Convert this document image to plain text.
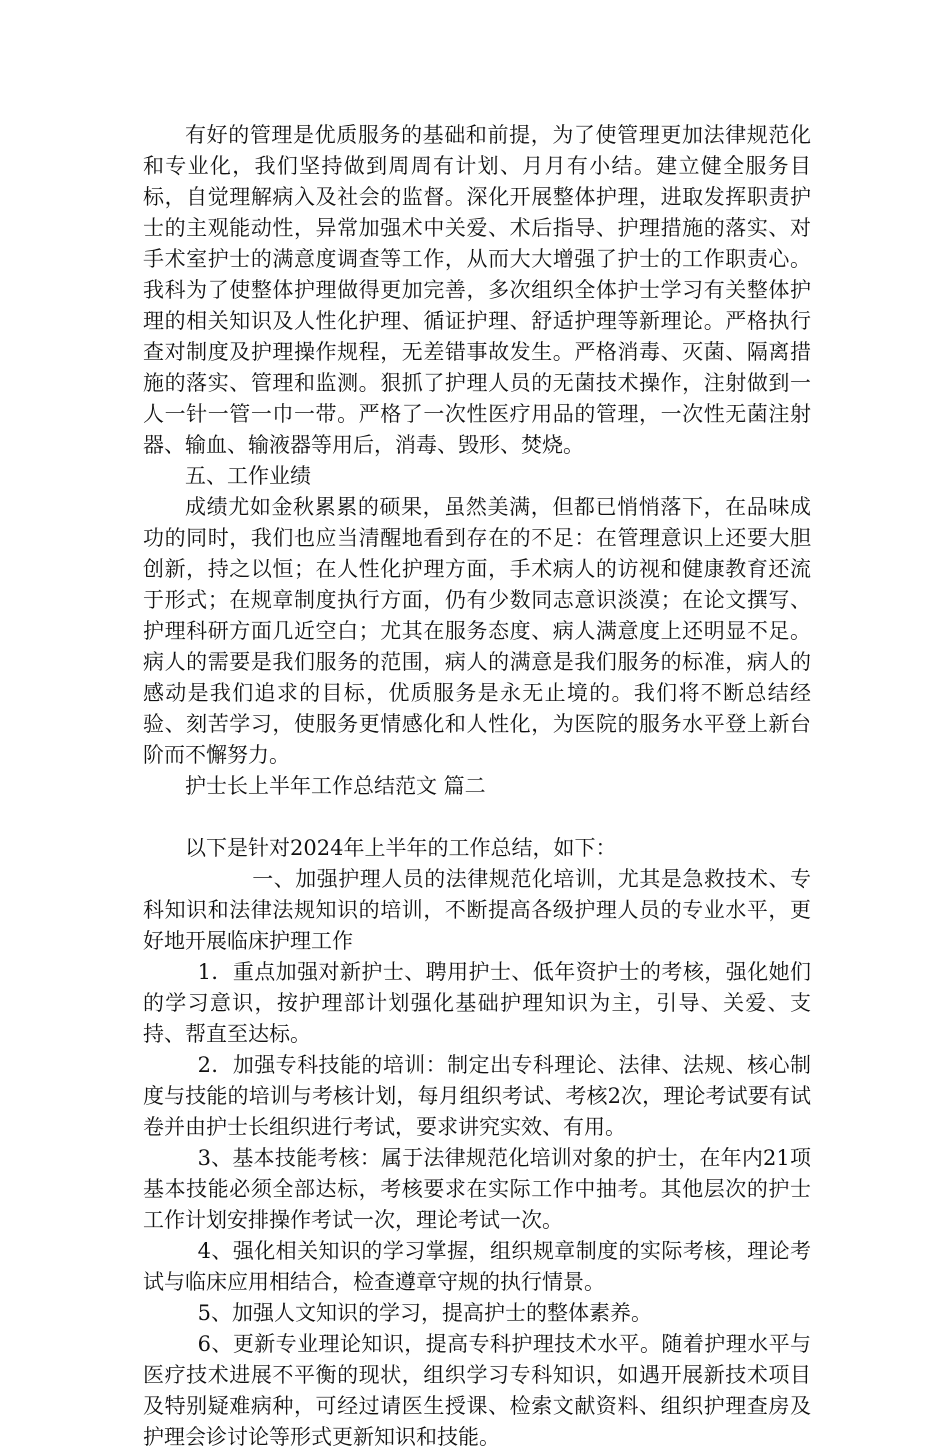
有好的管理是优质服务的基础和前提，为了使管理更加法律规范化和专业化，我们坚持做到周周有计划、月月有小结。建立健全服务目标，自觉理解病入及社会的监督。深化开展整体护理，进取发挥职责护士的主观能动性，异常加强术中关爱、术后指导、护理措施的落实、对手术室护士的满意度调查等工作，从而大大增强了护士的工作职责心。我科为了使整体护理做得更加完善，多次组织全体护士学习有关整体护理的相关知识及人性化护理、循证护理、舒适护理等新理论。严格执行查对制度及护理操作规程，无差错事故发生。严格消毒、灭菌、隔离措施的落实、管理和监测。狠抓了护理人员的无菌技术操作，注射做到一人一针一管一巾一带。严格了一次性医疗用品的管理，一次性无菌注射器、输血、输液器等用后，消毒、毁形、焚烧。

五、工作业绩

成绩尤如金秋累累的硕果，虽然美满，但都已悄悄落下，在品味成功的同时，我们也应当清醒地看到存在的不足：在管理意识上还要大胆创新，持之以恒；在人性化护理方面，手术病人的访视和健康教育还流于形式；在规章制度执行方面，仍有少数同志意识淡漠；在论文撰写、护理科研方面几近空白；尤其在服务态度、病人满意度上还明显不足。病人的需要是我们服务的范围，病人的满意是我们服务的标准，病人的感动是我们追求的目标，优质服务是永无止境的。我们将不断总结经验、刻苦学习，使服务更情感化和人性化，为医院的服务水平登上新台阶而不懈努力。

护士长上半年工作总结范文 篇二

以下是针对2024年上半年的工作总结，如下：

一、加强护理人员的法律规范化培训，尤其是急救技术、专科知识和法律法规知识的培训，不断提高各级护理人员的专业水平，更好地开展临床护理工作

1．重点加强对新护士、聘用护士、低年资护士的考核，强化她们的学习意识，按护理部计划强化基础护理知识为主，引导、关爱、支持、帮直至达标。

2．加强专科技能的培训：制定出专科理论、法律、法规、核心制度与技能的培训与考核计划，每月组织考试、考核2次，理论考试要有试卷并由护士长组织进行考试，要求讲究实效、有用。

3、基本技能考核：属于法律规范化培训对象的护士，在年内21项基本技能必须全部达标，考核要求在实际工作中抽考。其他层次的护士工作计划安排操作考试一次，理论考试一次。

4、强化相关知识的学习掌握，组织规章制度的实际考核，理论考试与临床应用相结合，检查遵章守规的执行情景。

5、加强人文知识的学习，提高护士的整体素养。

6、更新专业理论知识，提高专科护理技术水平。随着护理水平与医疗技术进展不平衡的现状，组织学习专科知识，如遇开展新技术项目及特别疑难病种，可经过请医生授课、检索文献资料、组织护理查房及护理会诊讨论等形式更新知识和技能。
